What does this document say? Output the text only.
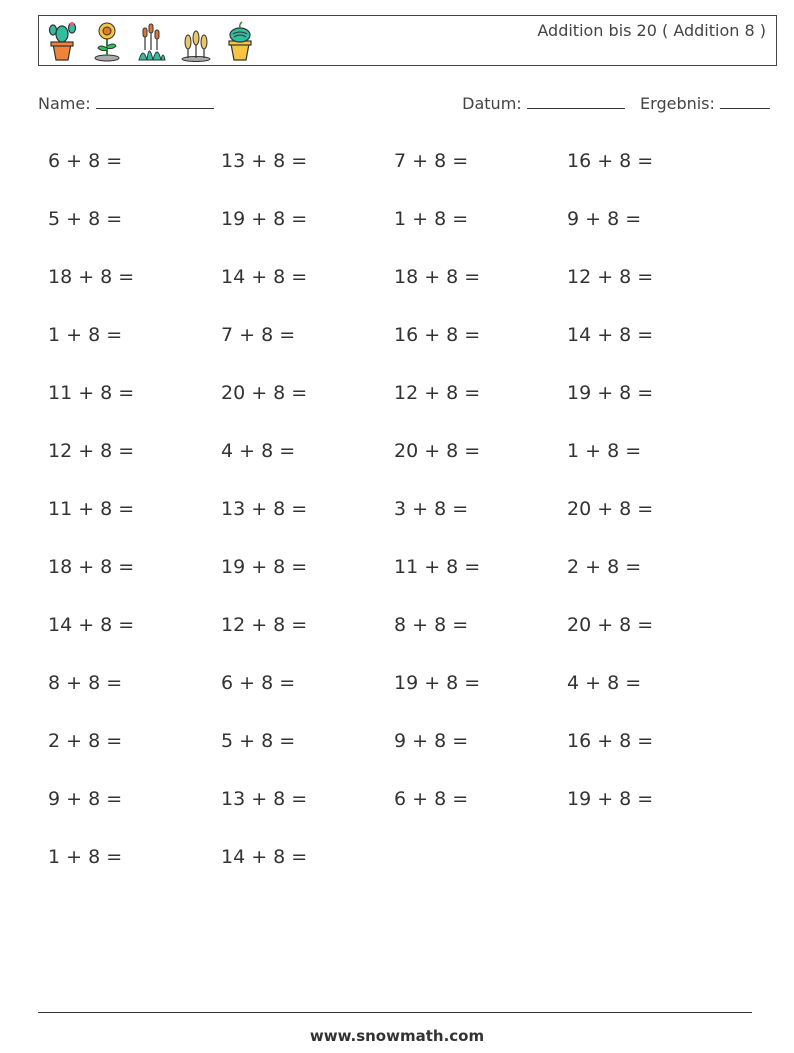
Addition bis 20 ( Addition 8 )
Name:	Datum:	Ergebnis:
6 + 8 =	13 + 8 =	7 + 8 =	16 + 8 =
5 + 8 =	19 + 8 =	1 + 8 =	9 + 8 =
18 + 8 =	14 + 8 =	18 + 8 =	12 + 8 =
1 + 8 =	7 + 8 =	16 + 8 =	14 + 8 =
11 + 8 =	20 + 8 =	12 + 8 =	19 + 8 =
12 + 8 =	4 + 8 =	20 + 8 =	1 + 8 =
11 + 8 =	13 + 8 =	3 + 8 =	20 + 8 =
18 + 8 =	19 + 8 =	11 + 8 =	2 + 8 =
14 + 8 =	12 + 8 =	8 + 8 =	20 + 8 =
8 + 8 =	6 + 8 =	19 + 8 =	4 + 8 =
2 + 8 =	5 + 8 =	9 + 8 =	16 + 8 =
9 + 8 =	13 + 8 =	6 + 8 =	19 + 8 =
1 + 8 =	14 + 8 =
www.snowmath.com
